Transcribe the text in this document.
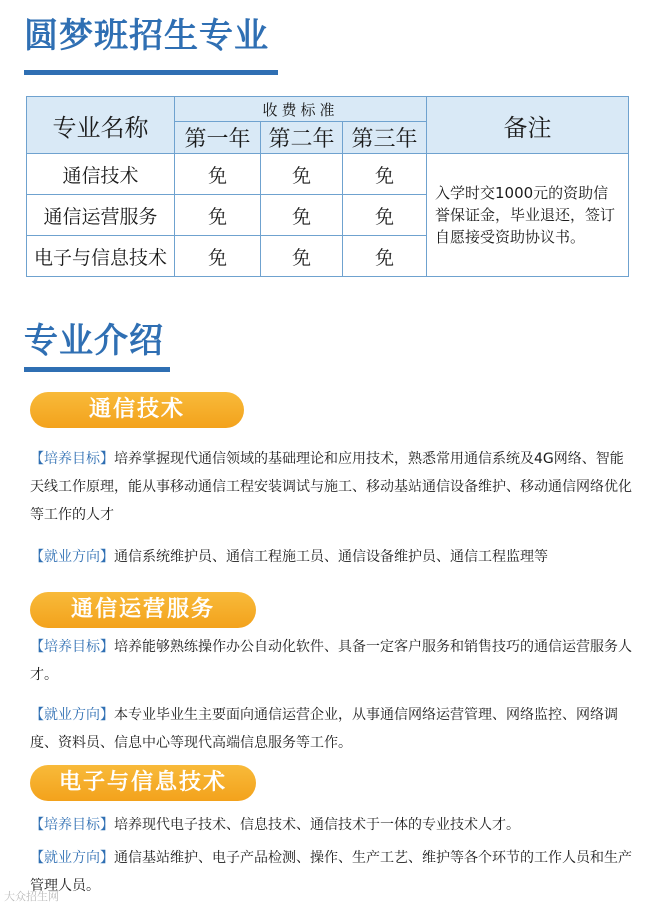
圆梦班招生专业
专业名称	收费标准			备注
	第一年	第二年	第三年	
通信技术	免	免	免	入学时交1000元的资助信誉保证金，毕业退还，签订自愿接受资助协议书。
通信运营服务	免	免	免	
电子与信息技术	免	免	免	
专业介绍
通信技术
【培养目标】培养掌握现代通信领域的基础理论和应用技术，熟悉常用通信系统及4G网络、智能天线工作原理，能从事移动通信工程安装调试与施工、移动基站通信设备维护、移动通信网络优化等工作的人才
【就业方向】通信系统维护员、通信工程施工员、通信设备维护员、通信工程监理等
通信运营服务
【培养目标】培养能够熟练操作办公自动化软件、具备一定客户服务和销售技巧的通信运营服务人才。
【就业方向】本专业毕业生主要面向通信运营企业，从事通信网络运营管理、网络监控、网络调度、资料员、信息中心等现代高端信息服务等工作。
电子与信息技术
【培养目标】培养现代电子技术、信息技术、通信技术于一体的专业技术人才。
【就业方向】通信基站维护、电子产品检测、操作、生产工艺、维护等各个环节的工作人员和生产管理人员。
大众招生网
